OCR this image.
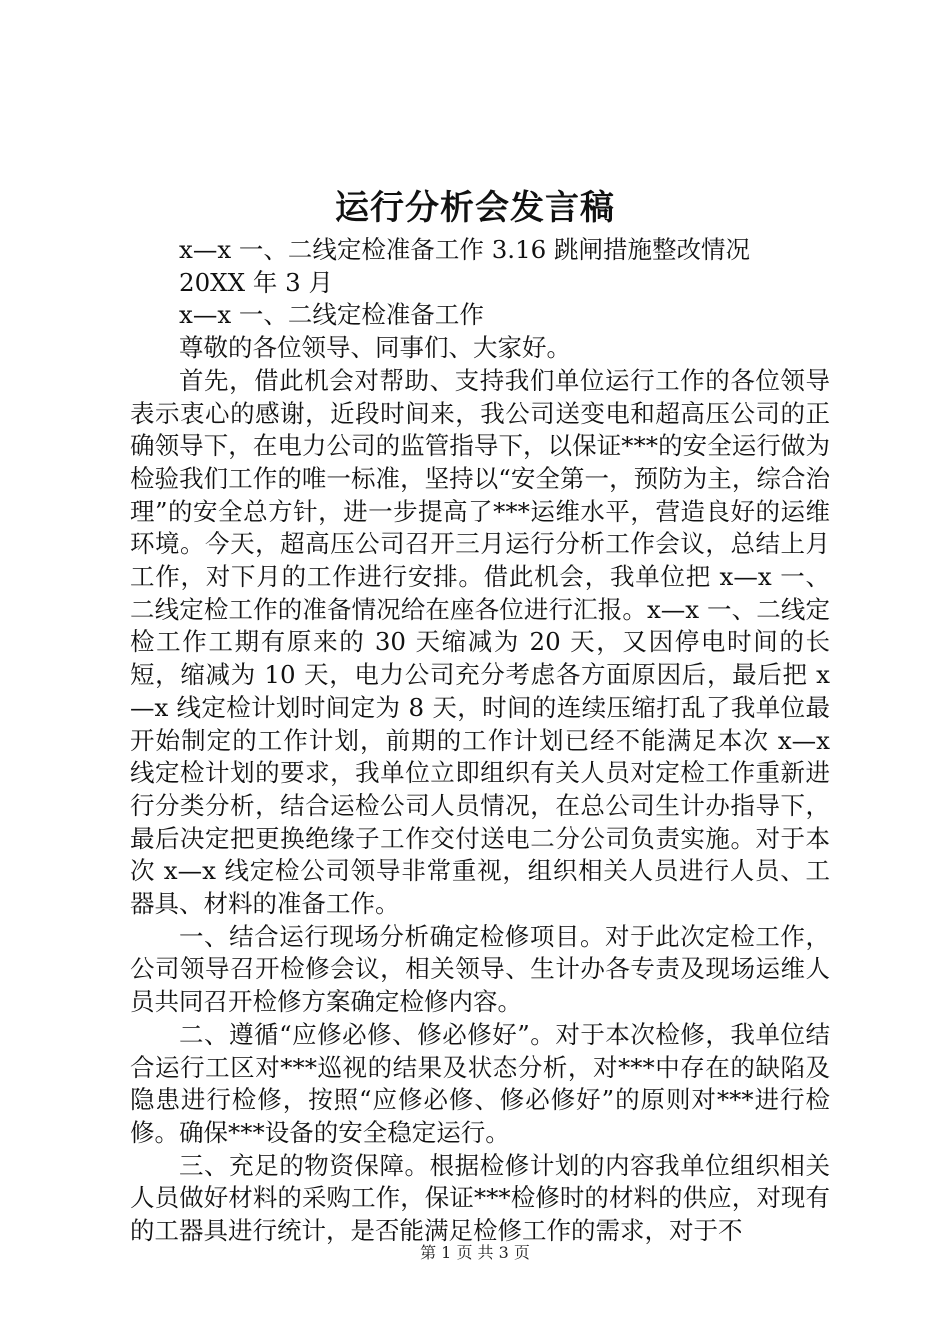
运行分析会发言稿

x—x 一、二线定检准备工作 3.16 跳闸措施整改情况

20XX 年 3 月

x—x 一、二线定检准备工作

尊敬的各位领导、同事们、大家好。

首先，借此机会对帮助、支持我们单位运行工作的各位领导表示衷心的感谢，近段时间来，我公司送变电和超高压公司的正确领导下，在电力公司的监管指导下，以保证***的安全运行做为检验我们工作的唯一标准，坚持以“安全第一，预防为主，综合治理”的安全总方针，进一步提高了***运维水平，营造良好的运维环境。今天，超高压公司召开三月运行分析工作会议，总结上月工作，对下月的工作进行安排。借此机会，我单位把 x—x 一、二线定检工作的准备情况给在座各位进行汇报。x—x 一、二线定检工作工期有原来的 30 天缩减为 20 天，又因停电时间的长短，缩减为 10 天，电力公司充分考虑各方面原因后，最后把 x—x 线定检计划时间定为 8 天，时间的连续压缩打乱了我单位最开始制定的工作计划，前期的工作计划已经不能满足本次 x—x 线定检计划的要求，我单位立即组织有关人员对定检工作重新进行分类分析，结合运检公司人员情况，在总公司生计办指导下，最后决定把更换绝缘子工作交付送电二分公司负责实施。对于本次 x—x 线定检公司领导非常重视，组织相关人员进行人员、工器具、材料的准备工作。

一、结合运行现场分析确定检修项目。对于此次定检工作，公司领导召开检修会议，相关领导、生计办各专责及现场运维人员共同召开检修方案确定检修内容。

二、遵循“应修必修、修必修好”。对于本次检修，我单位结合运行工区对***巡视的结果及状态分析，对***中存在的缺陷及隐患进行检修，按照“应修必修、修必修好”的原则对***进行检修。确保***设备的安全稳定运行。

三、充足的物资保障。根据检修计划的内容我单位组织相关人员做好材料的采购工作，保证***检修时的材料的供应，对现有的工器具进行统计，是否能满足检修工作的需求，对于不

第 1 页 共 3 页
